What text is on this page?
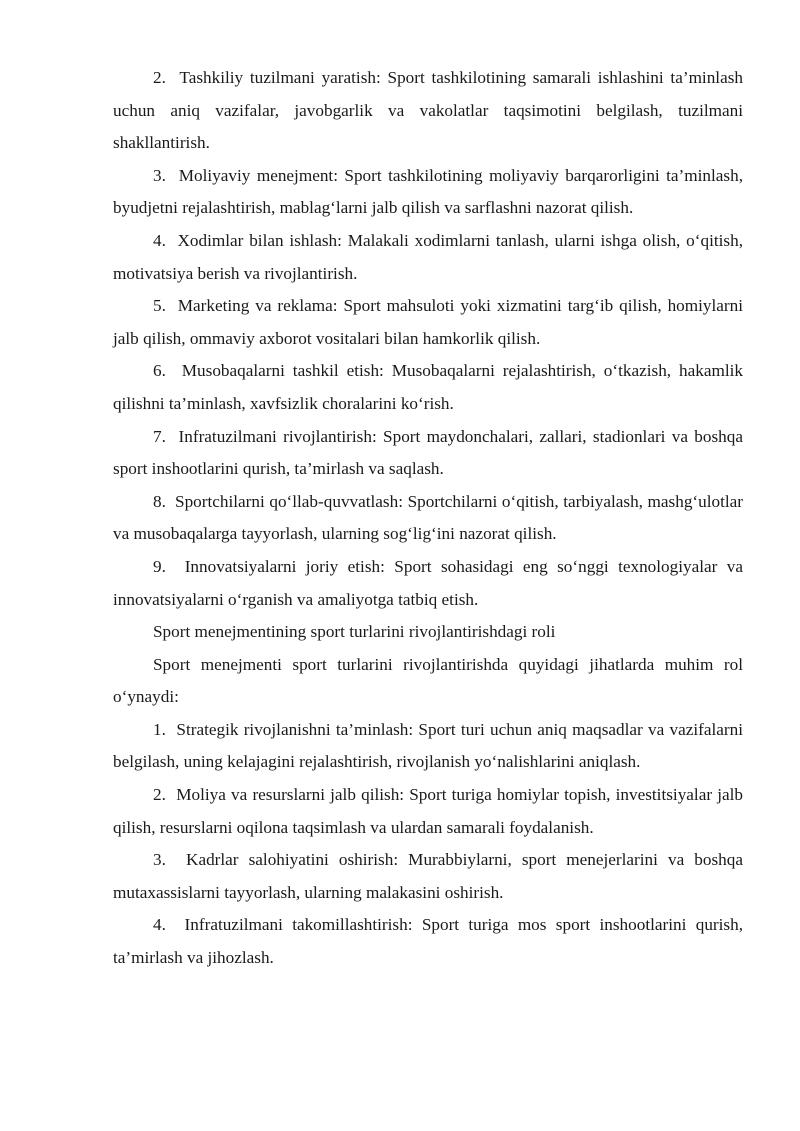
2.  Tashkiliy tuzilmani yaratish: Sport tashkilotining samarali ishlashini ta’minlash uchun aniq vazifalar, javobgarlik va vakolatlar taqsimotini belgilash, tuzilmani shakllantirish.

3.  Moliyaviy menejment: Sport tashkilotining moliyaviy barqarorligini ta’minlash, byudjetni rejalashtirish, mablag‘larni jalb qilish va sarflashni nazorat qilish.

4.  Xodimlar bilan ishlash: Malakali xodimlarni tanlash, ularni ishga olish, o‘qitish, motivatsiya berish va rivojlantirish.

5.  Marketing va reklama: Sport mahsuloti yoki xizmatini targ‘ib qilish, homiylarni jalb qilish, ommaviy axborot vositalari bilan hamkorlik qilish.

6.  Musobaqalarni tashkil etish: Musobaqalarni rejalashtirish, o‘tkazish, hakamlik qilishni ta’minlash, xavfsizlik choralarini ko‘rish.

7.  Infratuzilmani rivojlantirish: Sport maydonchalari, zallari, stadionlari va boshqa sport inshootlarini qurish, ta’mirlash va saqlash.

8.  Sportchilarni qo‘llab-quvvatlash: Sportchilarni o‘qitish, tarbiyalash, mashg‘ulotlar va musobaqalarga tayyorlash, ularning sog‘lig‘ini nazorat qilish.

9.  Innovatsiyalarni joriy etish: Sport sohasidagi eng so‘nggi texnologiyalar va innovatsiyalarni o‘rganish va amaliyotga tatbiq etish.

Sport menejmentining sport turlarini rivojlantirishdagi roli

Sport menejmenti sport turlarini rivojlantirishda quyidagi jihatlarda muhim rol o‘ynaydi:

1.  Strategik rivojlanishni ta’minlash: Sport turi uchun aniq maqsadlar va vazifalarni belgilash, uning kelajagini rejalashtirish, rivojlanish yo‘nalishlarini aniqlash.

2.  Moliya va resurslarni jalb qilish: Sport turiga homiylar topish, investitsiyalar jalb qilish, resurslarni oqilona taqsimlash va ulardan samarali foydalanish.

3.  Kadrlar salohiyatini oshirish: Murabbiylarni, sport menejerlarini va boshqa mutaxassislarni tayyorlash, ularning malakasini oshirish.

4.  Infratuzilmani takomillashtirish: Sport turiga mos sport inshootlarini qurish, ta’mirlash va jihozlash.
